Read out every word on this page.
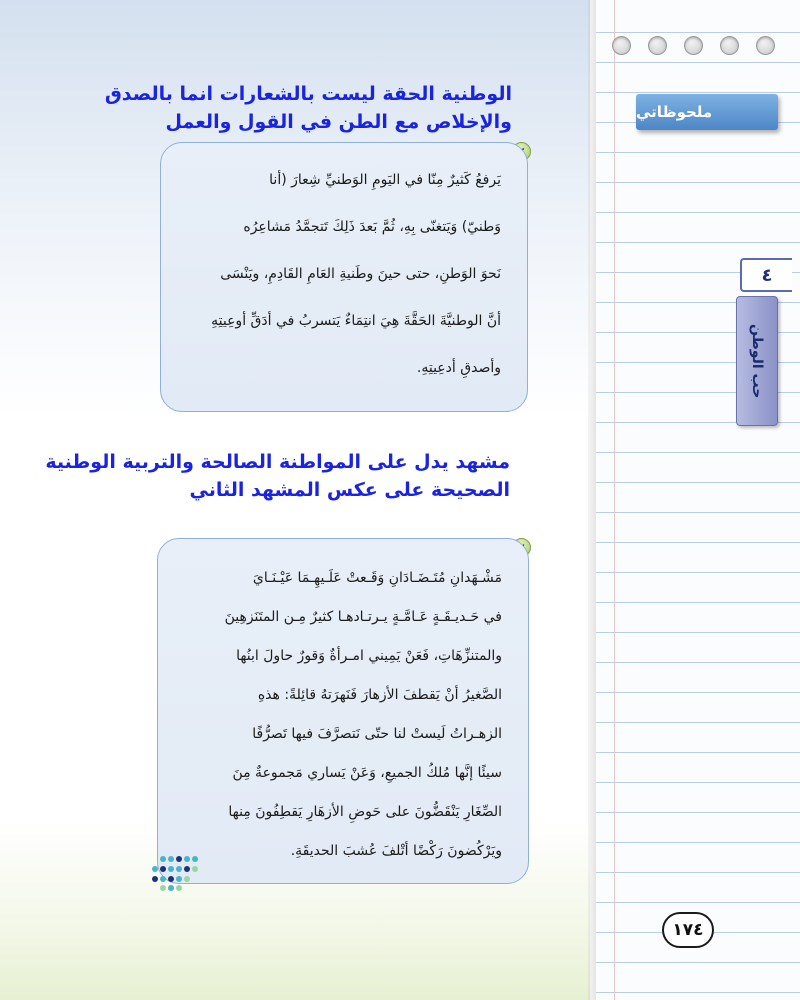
ملحوظاتي
٤
حب الوطن
الوطنية الحقة ليست بالشعارات انما بالصدق
والإخلاص مع الطن في القول والعمل
يَرفعُ كَثيرٌ مِنّا في اليَومِ الوَطنيِّ شِعارَ (أنا
وَطنيّ) وَيَتغنّى بِهِ، ثُمَّ بَعدَ ذَلِكَ تَتجمَّدُ مَشاعِرُه
نَحوَ الوَطنِ، حتى حينَ وطَنيةِ العَامِ القَادِمِ، ويَنْسَى
أنَّ الوطنيَّةَ الحَقَّةَ هِيَ انتِمَاءٌ يَتسربُ في أدَقِّ أوعِيتِهِ
وأصدقِ أدعِيتِهِ.
مشهد يدل على المواطنة الصالحة والتربية الوطنية
الصحيحة على عكس المشهد الثاني
مَشْـهَدانِ مُتَـضَـادَانِ وَقَـعتْ عَلَـيهِـمَا عَيْـنَـايَ
في حَـديـقَـةٍ عَـامَّـةٍ يـرتـادهـا كثيرٌ مِـن المتَنَزهِينَ
والمتنزِّهَاتِ، فَعَنْ يَمِيني امـرأةٌ وَقورٌ حاولَ ابنُها
الصَّغيرُ أنْ يَقطفَ الأزهارَ فَنَهرَتهُ قائِلةً: هذهِ
الزهـراتُ لَيستْ لنا حتّى نَتصرَّفَ فيها تَصرُّفًا
سيئًا إنَّها مُلكُ الجميعِ، وَعَنْ يَساري مَجموعةٌ مِنَ
الصِّغَارِ يَنْقَضُّونَ على حَوضِ الأزهَارِ يَقطِفُونَ مِنها
ويَرْكُضونَ رَكْضًا أتْلفَ عُشبَ الحديقَةِ.
١٧٤
